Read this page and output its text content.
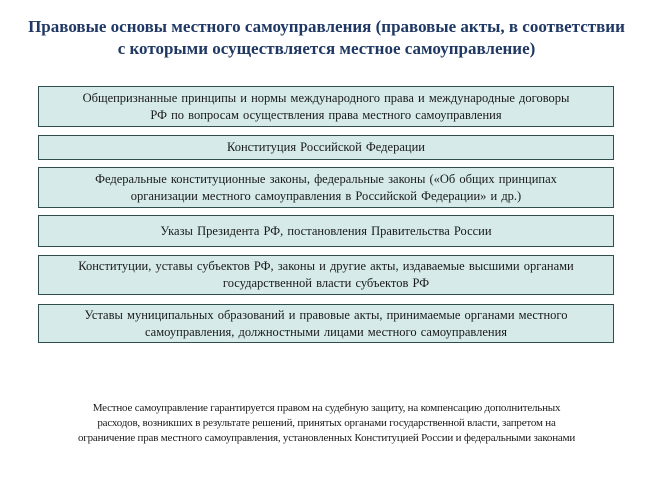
Правовые основы местного самоуправления (правовые акты, в соответствии
с которыми осуществляется местное самоуправление)
Общепризнанные принципы и нормы международного права и международные договоры
РФ по вопросам осуществления права местного самоуправления
Конституция Российской Федерации
Федеральные конституционные законы, федеральные законы («Об общих принципах
организации местного самоуправления в Российской Федерации» и др.)
Указы Президента РФ, постановления Правительства России
Конституции, уставы субъектов РФ, законы и другие акты, издаваемые высшими органами
государственной власти субъектов РФ
Уставы муниципальных образований и правовые акты, принимаемые органами местного
самоуправления, должностными лицами местного самоуправления
Местное самоуправление гарантируется правом на судебную защиту, на компенсацию дополнительных
расходов, возникших в результате решений, принятых органами государственной власти, запретом на
ограничение прав местного самоуправления, установленных Конституцией России и федеральными законами
